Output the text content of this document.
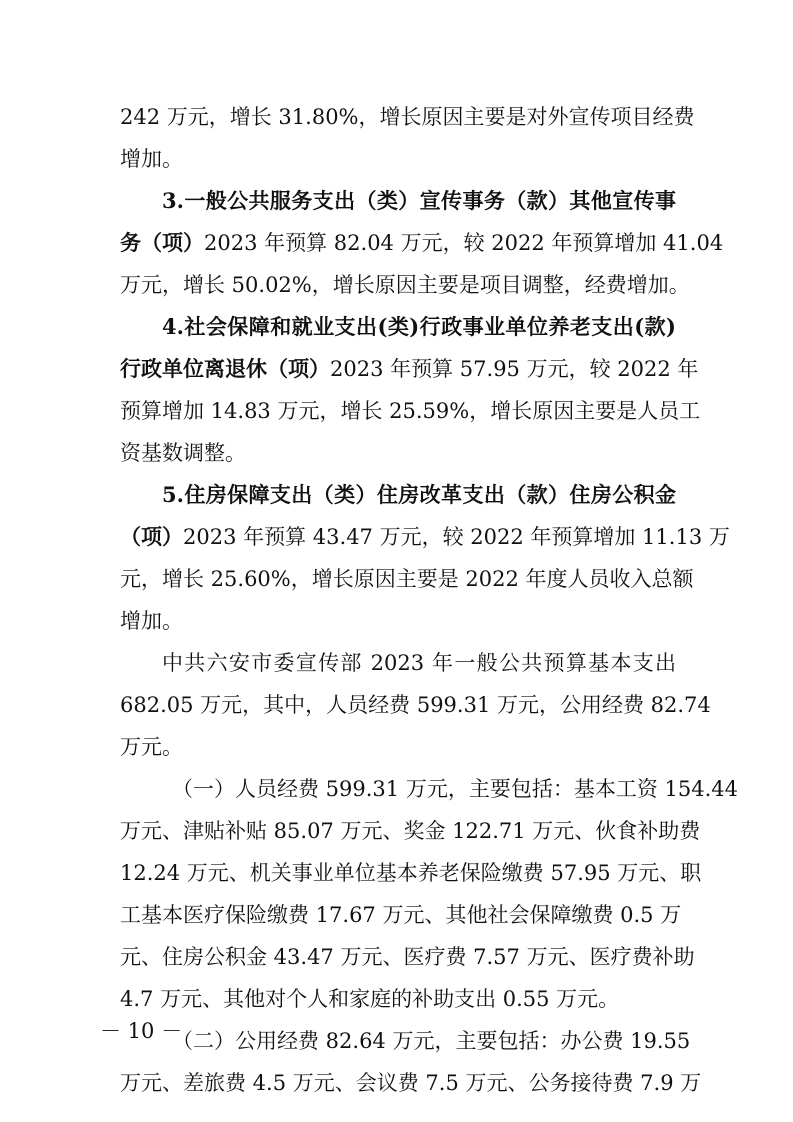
242 万元，增长 31.80%，增长原因主要是对外宣传项目经费
增加。
3.一般公共服务支出（类）宣传事务（款）其他宣传事
务（项）2023 年预算 82.04 万元，较 2022 年预算增加 41.04
万元，增长 50.02%，增长原因主要是项目调整，经费增加。
4.社会保障和就业支出(类)行政事业单位养老支出(款)
行政单位离退休（项）2023 年预算 57.95 万元，较 2022 年
预算增加 14.83 万元，增长 25.59%，增长原因主要是人员工
资基数调整。
5.住房保障支出（类）住房改革支出（款）住房公积金
（项）2023 年预算 43.47 万元，较 2022 年预算增加 11.13 万
元，增长 25.60%，增长原因主要是 2022 年度人员收入总额
增加。
中共六安市委宣传部 2023 年一般公共预算基本支出
682.05 万元，其中，人员经费 599.31 万元，公用经费 82.74
万元。
（一）人员经费 599.31 万元，主要包括：基本工资 154.44
万元、津贴补贴 85.07 万元、奖金 122.71 万元、伙食补助费
12.24 万元、机关事业单位基本养老保险缴费 57.95 万元、职
工基本医疗保险缴费 17.67 万元、其他社会保障缴费 0.5 万
元、住房公积金 43.47 万元、医疗费 7.57 万元、医疗费补助
4.7 万元、其他对个人和家庭的补助支出 0.55 万元。
（二）公用经费 82.64 万元，主要包括：办公费 19.55
万元、差旅费 4.5 万元、会议费 7.5 万元、公务接待费 7.9 万
－ 10 －
